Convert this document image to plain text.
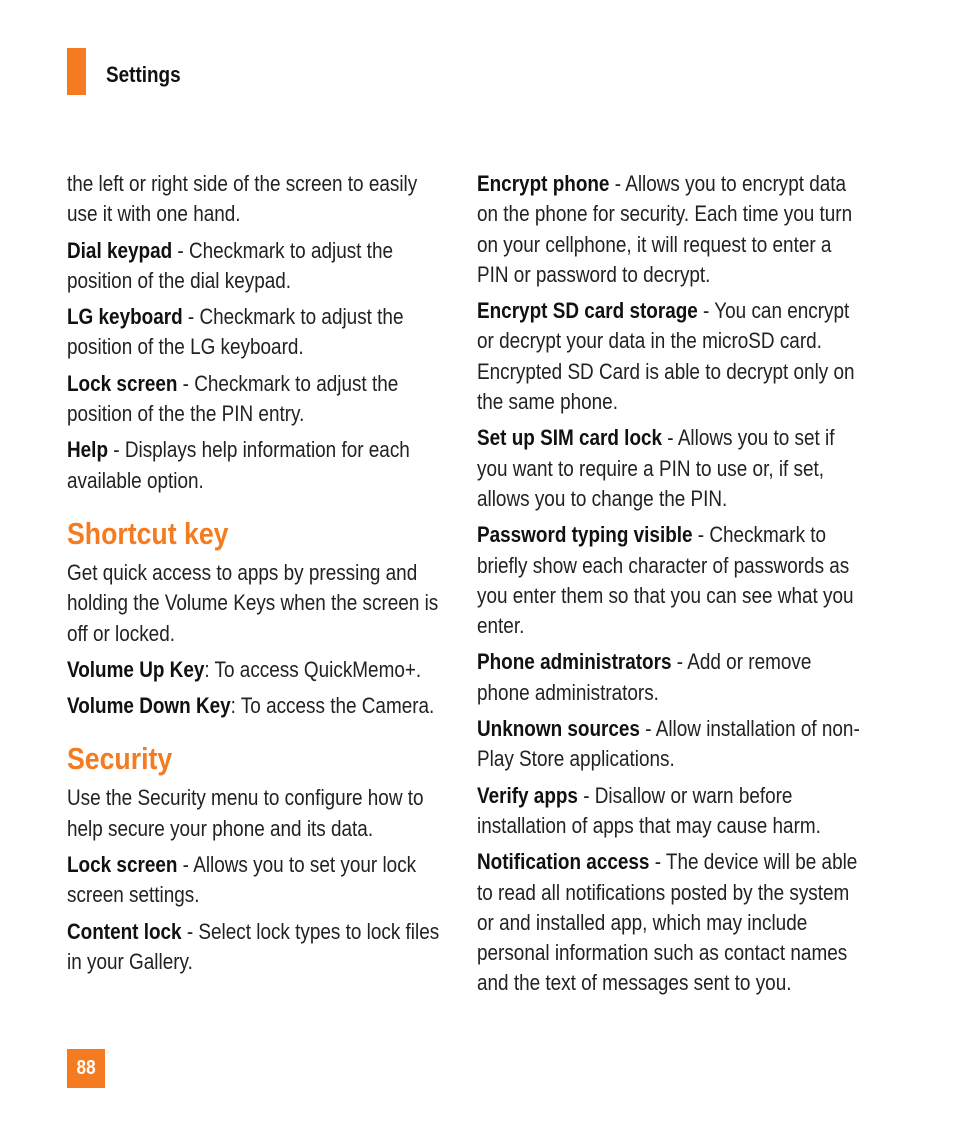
Settings

the left or right side of the screen to easily use it with one hand.

Dial keypad - Checkmark to adjust the position of the dial keypad.

LG keyboard - Checkmark to adjust the position of the LG keyboard.

Lock screen - Checkmark to adjust the position of the the PIN entry.

Help - Displays help information for each available option.

Shortcut key

Get quick access to apps by pressing and holding the Volume Keys when the screen is off or locked.

Volume Up Key: To access QuickMemo+.

Volume Down Key: To access the Camera.

Security

Use the Security menu to configure how to help secure your phone and its data.

Lock screen - Allows you to set your lock screen settings.

Content lock - Select lock types to lock files in your Gallery.

Encrypt phone - Allows you to encrypt data on the phone for security. Each time you turn on your cellphone, it will request to enter a PIN or password to decrypt.

Encrypt SD card storage - You can encrypt or decrypt your data in the microSD card. Encrypted SD Card is able to decrypt only on the same phone.

Set up SIM card lock - Allows you to set if you want to require a PIN to use or, if set, allows you to change the PIN.

Password typing visible - Checkmark to briefly show each character of passwords as you enter them so that you can see what you enter.

Phone administrators - Add or remove phone administrators.

Unknown sources - Allow installation of non-Play Store applications.

Verify apps - Disallow or warn before installation of apps that may cause harm.

Notification access - The device will be able to read all notifications posted by the system or and installed app, which may include personal information such as contact names and the text of messages sent to you.

88
